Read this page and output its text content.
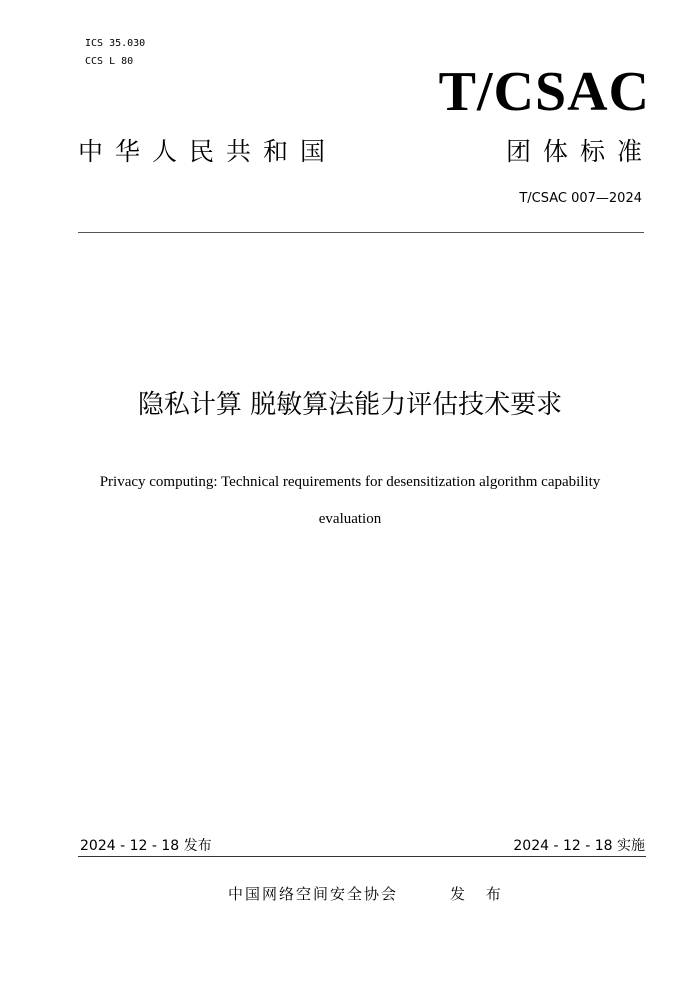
ICS 35.030
CCS L 80	T/CSAC
中华人民共和国	团体标准
T/CSAC 007—2024
隐私计算 脱敏算法能力评估技术要求
Privacy computing: Technical requirements for desensitization algorithm capability
evaluation
2024 - 12 - 18 发布	2024 - 12 - 18 实施
中国网络空间安全协会	发 布
